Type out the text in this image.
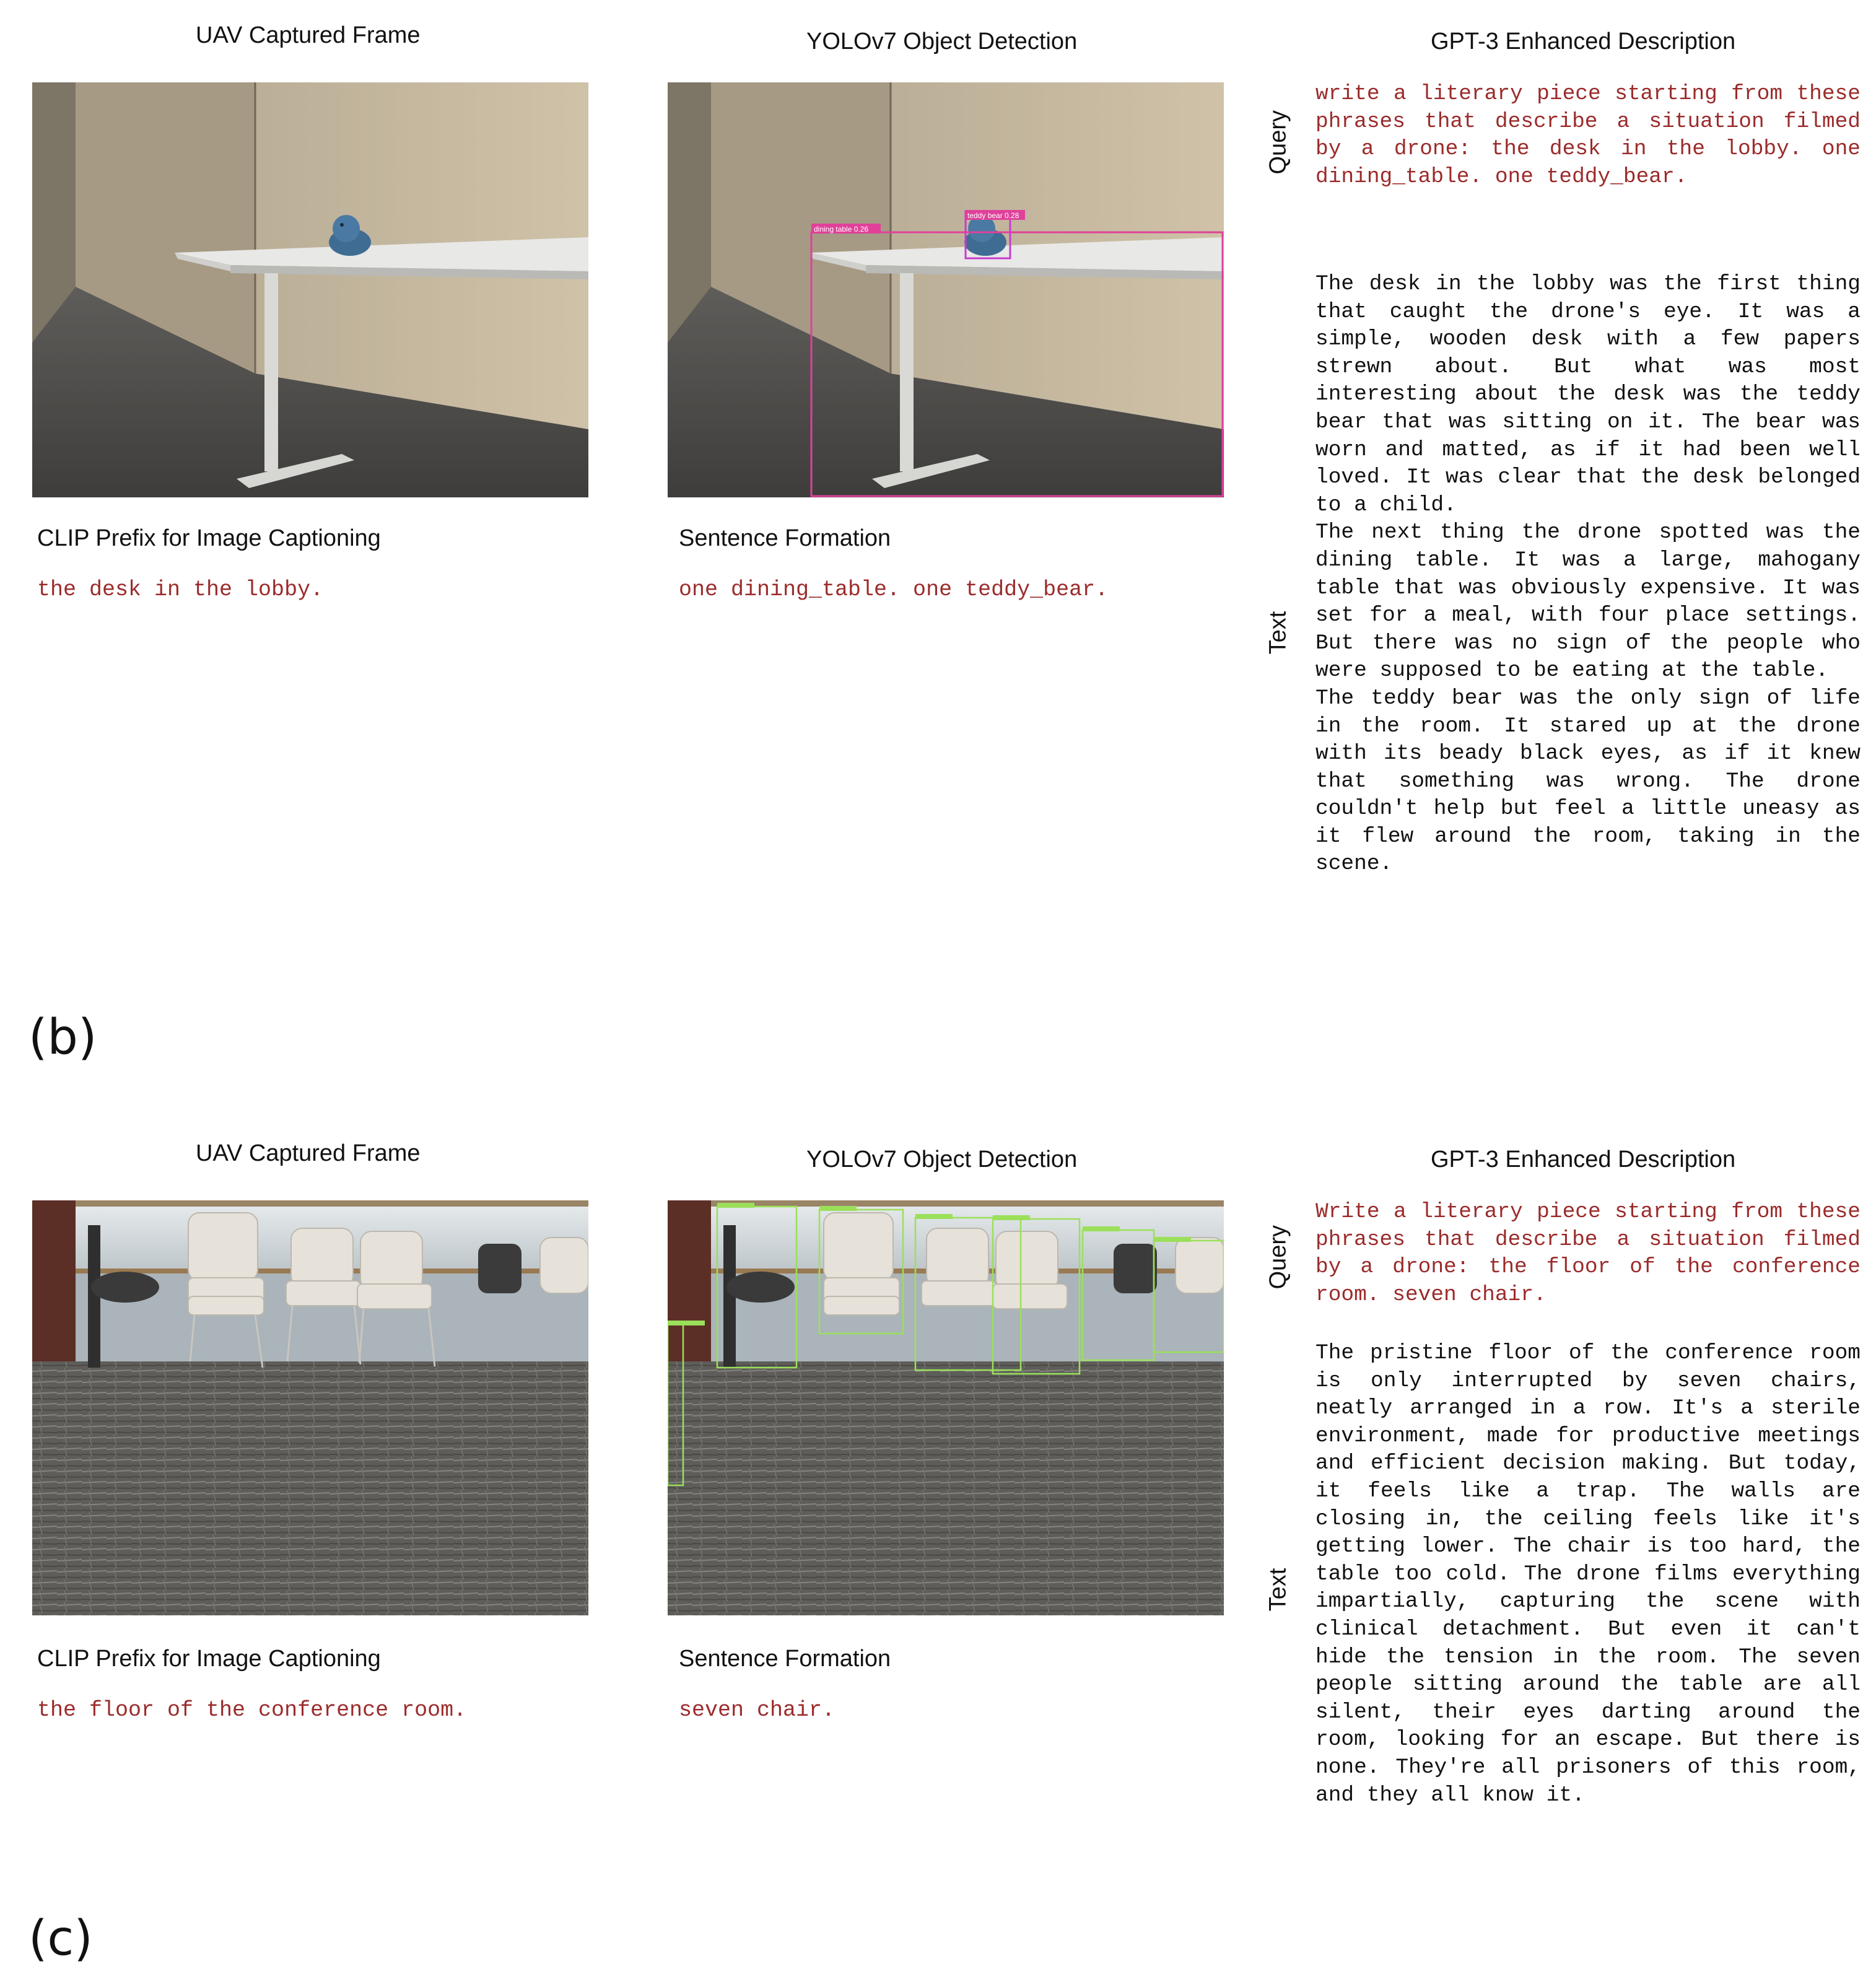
UAV Captured Frame	YOLOv7 Object Detection	GPT-3 Enhanced Description
dining table 0.26
teddy bear 0.28
CLIP Prefix for Image Captioning
the desk in the lobby.
Sentence Formation
one dining_table. one teddy_bear.
Query
Text

write a literary piece starting from these phrases that describe a situation filmed by a drone: the desk in the lobby. one dining_table. one teddy_bear.

The desk in the lobby was the first thing that caught the drone's eye. It was a simple, wooden desk with a few papers strewn about. But what was most interesting about the desk was the teddy bear that was sitting on it. The bear was worn and matted, as if it had been well loved. It was clear that the desk belonged to a child.

The next thing the drone spotted was the dining table. It was a large, mahogany table that was obviously expensive. It was set for a meal, with four place settings. But there was no sign of the people who were supposed to be eating at the table.

The teddy bear was the only sign of life in the room. It stared up at the drone with its beady black eyes, as if it knew that something was wrong. The drone couldn't help but feel a little uneasy as it flew around the room, taking in the scene.

(b)
UAV Captured Frame	YOLOv7 Object Detection	GPT-3 Enhanced Description
CLIP Prefix for Image Captioning
the floor of the conference room.
Sentence Formation
seven chair.
Query
Text

Write a literary piece starting from these phrases that describe a situation filmed by a drone: the floor of the conference room. seven chair.

The pristine floor of the conference room is only interrupted by seven chairs, neatly arranged in a row. It's a sterile environment, made for productive meetings and efficient decision making. But today, it feels like a trap. The walls are closing in, the ceiling feels like it's getting lower. The chair is too hard, the table too cold. The drone films everything impartially, capturing the scene with clinical detachment. But even it can't hide the tension in the room. The seven people sitting around the table are all silent, their eyes darting around the room, looking for an escape. But there is none. They're all prisoners of this room, and they all know it.

(c)
